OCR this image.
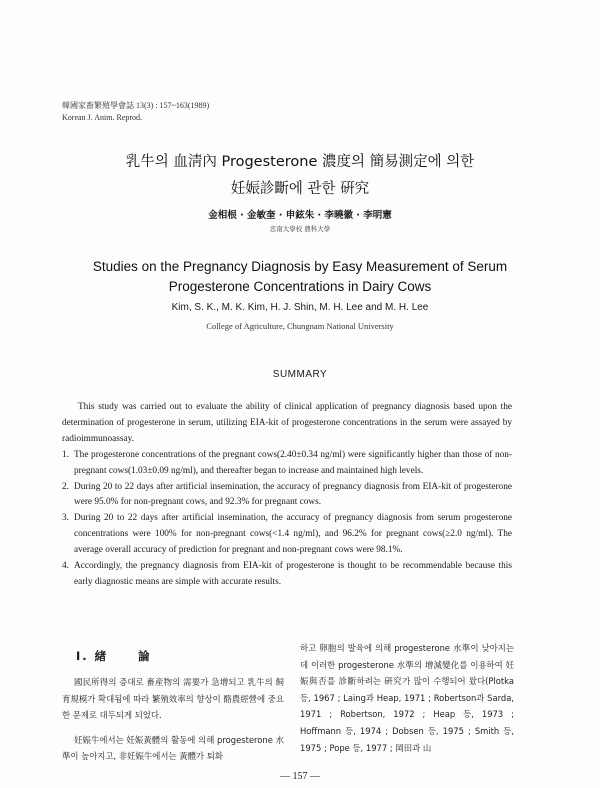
韓國家畜繁殖學會誌 13(3) : 157~163(1989)
Korean J. Anim. Reprod.
乳牛의 血淸內 Progesterone 濃度의 簡易測定에 의한
妊娠診斷에 관한 硏究
金相根 · 金敏奎 · 申鉉朱 · 李曉徽 · 李明憲
忠南大學校 農科大學
Studies on the Pregnancy Diagnosis by Easy Measurement of Serum
Progesterone Concentrations in Dairy Cows
Kim, S. K., M. K. Kim, H. J. Shin, M. H. Lee and M. H. Lee
College of Agriculture, Chungnam National University
SUMMARY

This study was carried out to evaluate the ability of clinical application of pregnancy diagnosis based upon the determination of progesterone in serum, utilizing EIA-kit of progesterone concentrations in the serum were assayed by radioimmunoassay.

1. The progesterone concentrations of the pregnant cows(2.40±0.34 ng/ml) were significantly higher than those of non-pregnant cows(1.03±0.09 ng/ml), and thereafter began to increase and maintained high levels.
2. During 20 to 22 days after artificial insemination, the accuracy of pregnancy diagnosis from EIA-kit of progesterone were 95.0% for non-pregnant cows, and 92.3% for pregnant cows.
3. During 20 to 22 days after artificial insemination, the accuracy of pregnancy diagnosis from serum progesterone concentrations were 100% for non-pregnant cows(<1.4 ng/ml), and 96.2% for pregnant cows(≥2.0 ng/ml). The average overall accuracy of prediction for pregnant and non-pregnant cows were 98.1%.
4. Accordingly, the pregnancy diagnosis from EIA-kit of progesterone is thought to be recommendable because this early diagnostic means are simple with accurate results.
Ⅰ. 緖	論

國民所得의 증대로 畜産物의 需要가 急增되고 乳牛의 飼育規模가 확대됨에 따라 繁殖效率의 향상이 酪農經營에 중요한 문제로 대두되게 되었다.

妊娠牛에서는 妊娠黃體의 활동에 의해 progesterone 水準이 높아지고, 非妊娠牛에서는 黃體가 퇴화

하고 卵胞의 발육에 의해 progesterone 水準이 낮아지는데 이러한 progesterone 水準의 增減變化를 이용하여 妊娠與否를 診斷하려는 硏究가 많이 수행되어 왔다(Plotka 등, 1967 ; Laing과 Heap, 1971 ; Robertson과 Sarda, 1971 ; Robertson, 1972 ; Heap 등, 1973 ; Hoffmann 등, 1974 ; Dobsen 등, 1975 ; Smith 등, 1975 ; Pope 등, 1977 ; 岡田과 山

— 157 —
